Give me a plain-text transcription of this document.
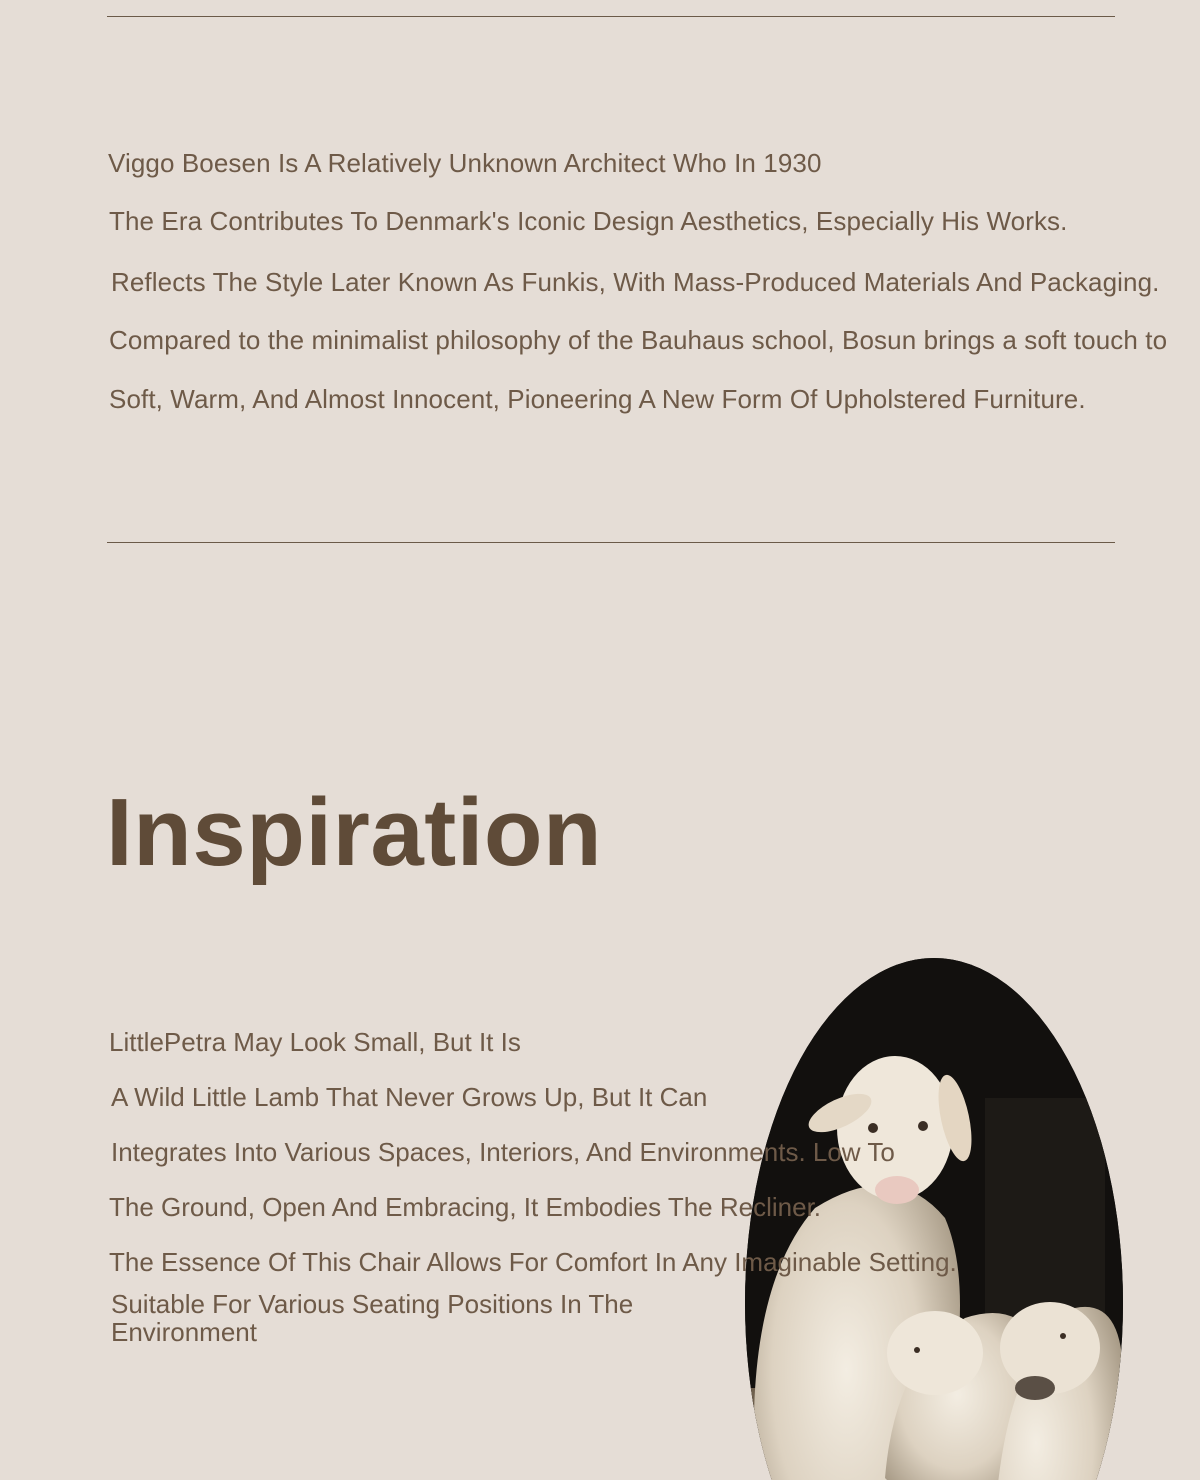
Viggo Boesen Is A Relatively Unknown Architect Who In 1930

The Era Contributes To Denmark's Iconic Design Aesthetics, Especially His Works.

Reflects The Style Later Known As Funkis, With Mass-Produced Materials And Packaging.

Compared to the minimalist philosophy of the Bauhaus school, Bosun brings a soft touch to

Soft, Warm, And Almost Innocent, Pioneering A New Form Of Upholstered Furniture.

Inspiration

LittlePetra May Look Small, But It Is

A Wild Little Lamb That Never Grows Up, But It Can

Integrates Into Various Spaces, Interiors, And Environments. Low To

The Ground, Open And Embracing, It Embodies The Recliner.

The Essence Of This Chair Allows For Comfort In Any Imaginable Setting.

Suitable For Various Seating Positions In The Environment
